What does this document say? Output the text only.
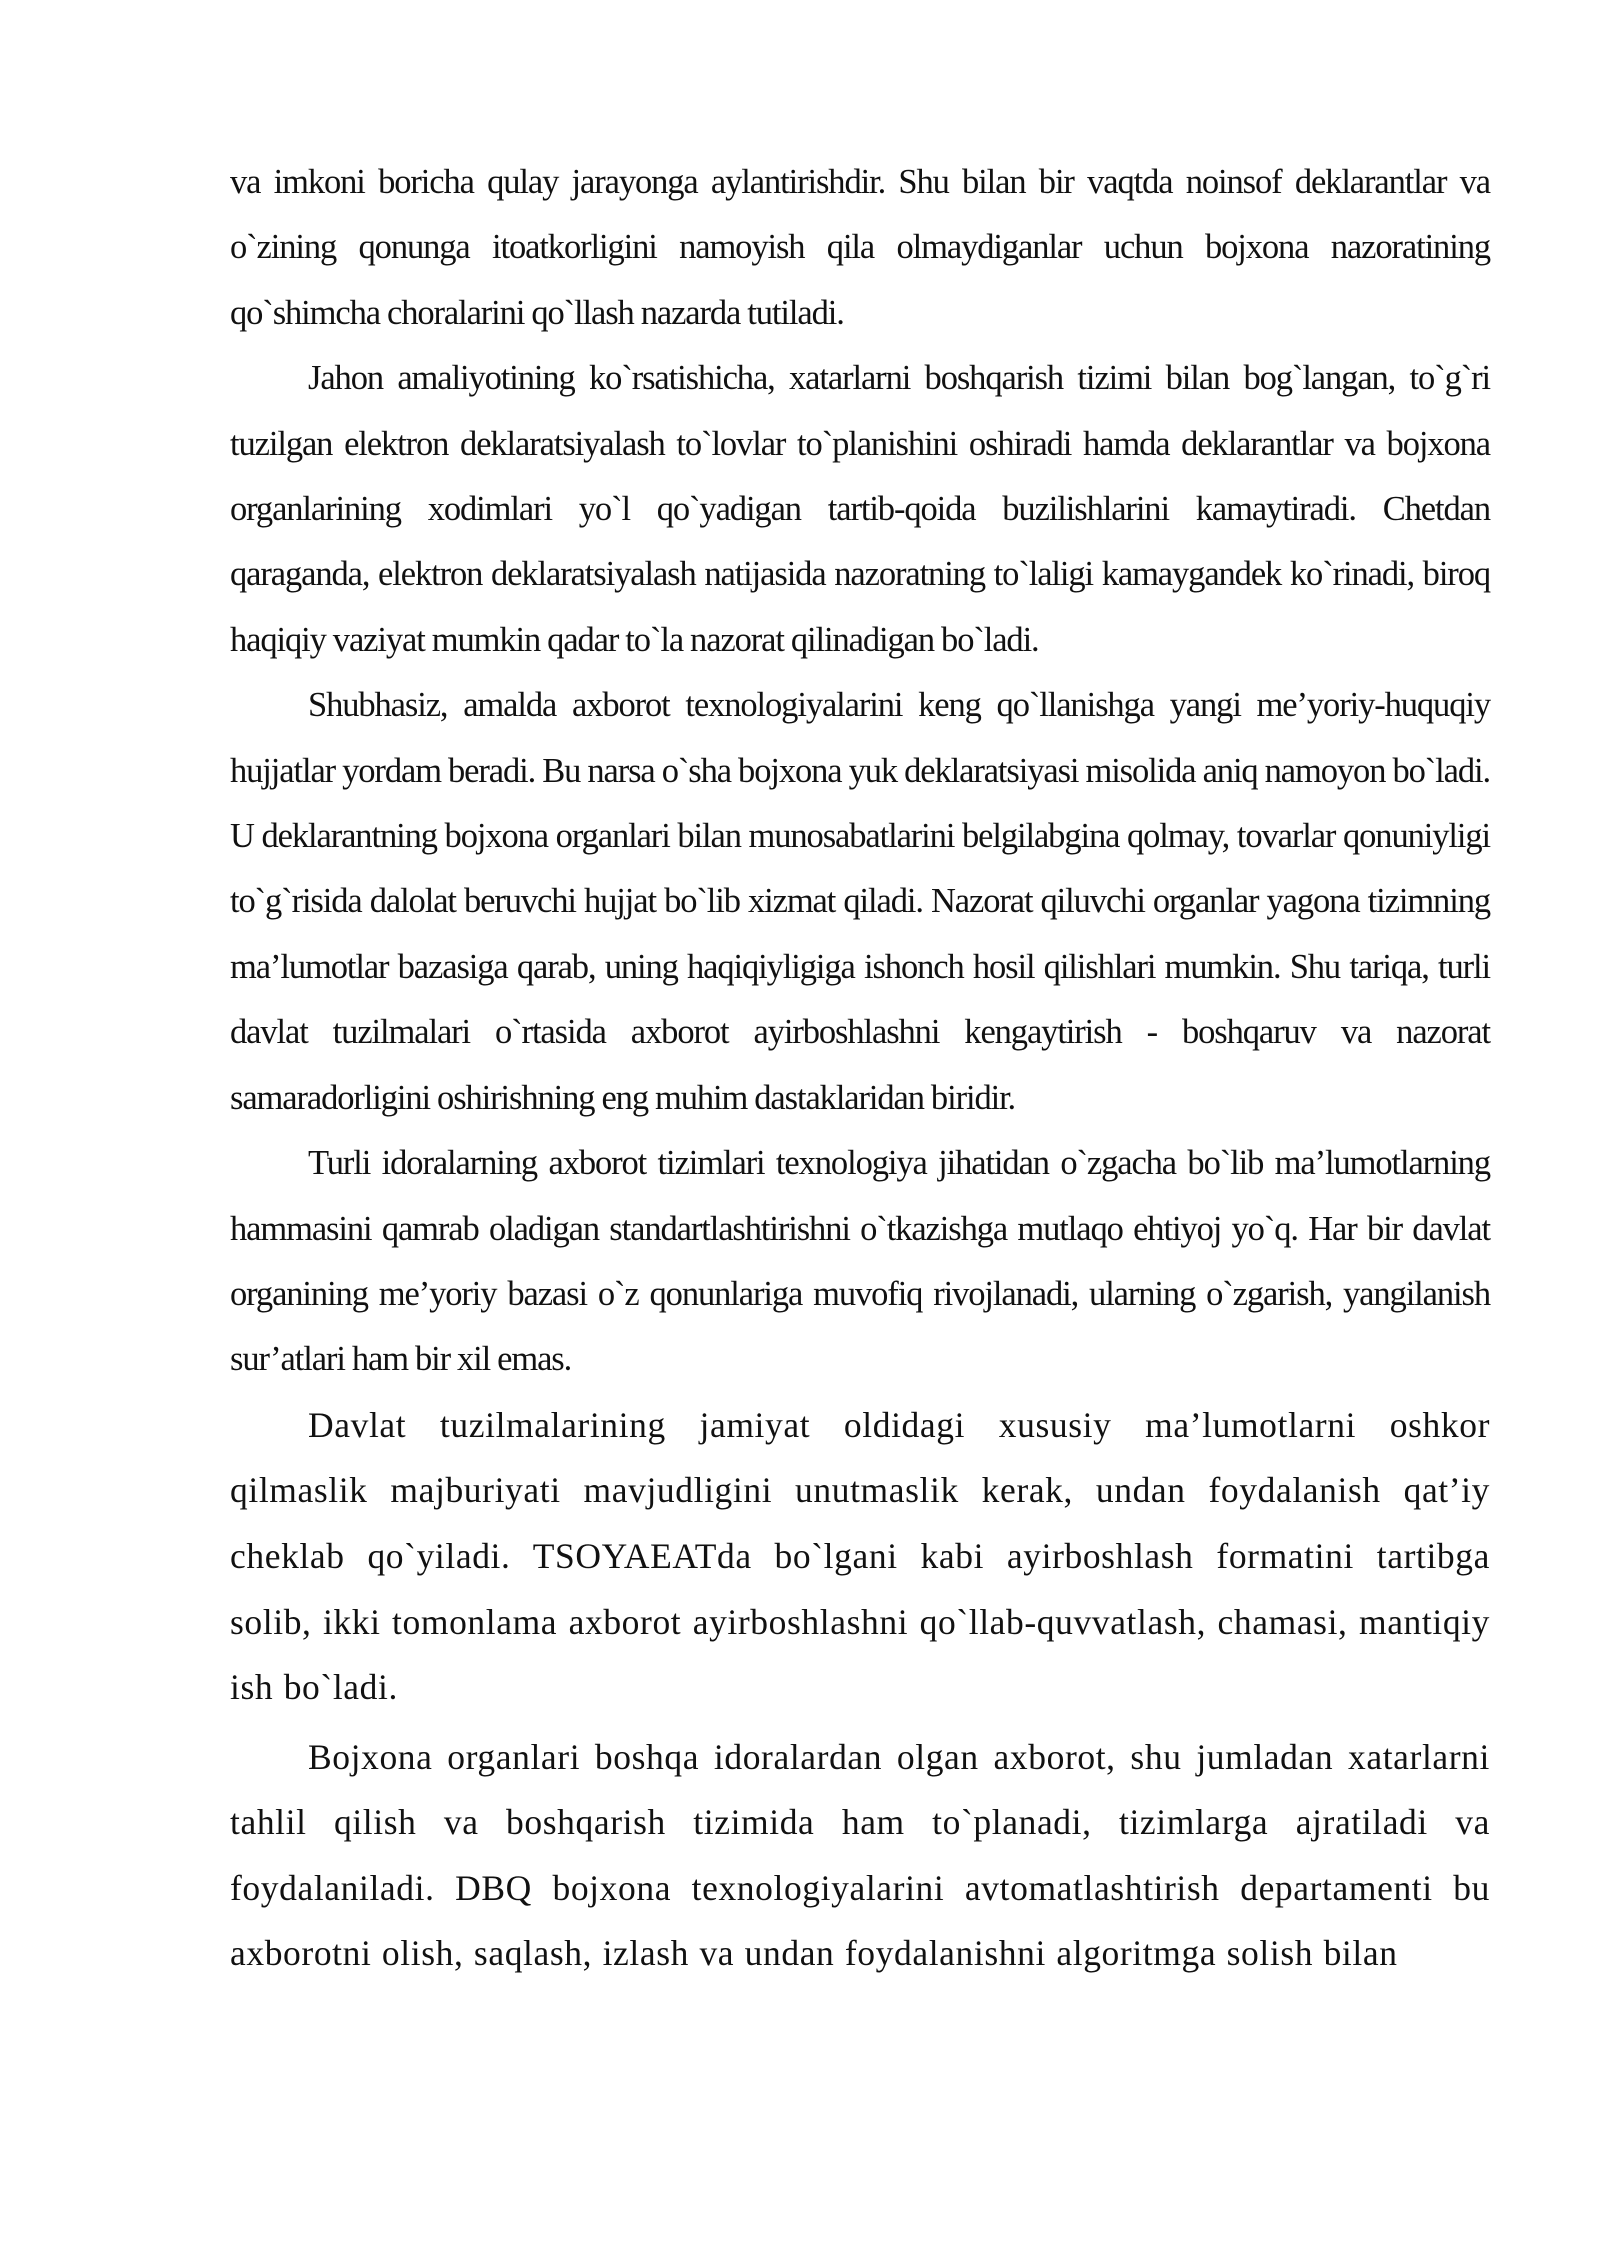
va imkoni boricha qulay jarayonga aylantirishdir. Shu bilan bir vaqtda noinsof deklarantlar va o`zining qonunga itoatkorligini namoyish qila olmaydiganlar uchun bojxona nazoratining qo`shimcha choralarini qo`llash nazarda tutiladi.

Jahon amaliyotining ko`rsatishicha, xatarlarni boshqarish tizimi bilan bog`langan, to`g`ri tuzilgan elektron deklaratsiyalash to`lovlar to`planishini oshiradi hamda deklarantlar va bojxona organlarining xodimlari yo`l qo`yadigan tartib-qoida buzilishlarini kamaytiradi. Chetdan qaraganda, elektron deklaratsiyalash natijasida nazoratning to`laligi kamaygandek ko`rinadi, biroq haqiqiy vaziyat mumkin qadar to`la nazorat qilinadigan bo`ladi.

Shubhasiz, amalda axborot texnologiyalarini keng qo`llanishga yangi me’yoriy-huquqiy hujjatlar yordam beradi. Bu narsa o`sha bojxona yuk deklaratsiyasi misolida aniq namoyon bo`ladi. U deklarantning bojxona organlari bilan munosabatlarini belgilabgina qolmay, tovarlar qonuniyligi to`g`risida dalolat beruvchi hujjat bo`lib xizmat qiladi. Nazorat qiluvchi organlar yagona tizimning ma’lumotlar bazasiga qarab, uning haqiqiyligiga ishonch hosil qilishlari mumkin. Shu tariqa, turli davlat tuzilmalari o`rtasida axborot ayirboshlashni kengaytirish - boshqaruv va nazorat samaradorligini oshirishning eng muhim dastaklaridan biridir.

Turli idoralarning axborot tizimlari texnologiya jihatidan o`zgacha bo`lib ma’lumotlarning hammasini qamrab oladigan standartlashtirishni o`tkazishga mutlaqo ehtiyoj yo`q. Har bir davlat organining me’yoriy bazasi o`z qonunlariga muvofiq rivojlanadi, ularning o`zgarish, yangilanish sur’atlari ham bir xil emas.

Davlat tuzilmalarining jamiyat oldidagi xususiy ma’lumotlarni oshkor qilmaslik majburiyati mavjudligini unutmaslik kerak, undan foydalanish qat’iy cheklab qo`yiladi. TSOYAEATda bo`lgani kabi ayirboshlash formatini tartibga solib, ikki tomonlama axborot ayirboshlashni qo`llab-quvvatlash, chamasi, mantiqiy ish bo`ladi.

Bojxona organlari boshqa idoralardan olgan axborot, shu jumladan xatarlarni tahlil qilish va boshqarish tizimida ham to`planadi, tizimlarga ajratiladi va foydalaniladi. DBQ bojxona texnologiyalarini avtomatlashtirish departamenti bu axborotni olish, saqlash, izlash va undan foydalanishni algoritmga solish bilan
